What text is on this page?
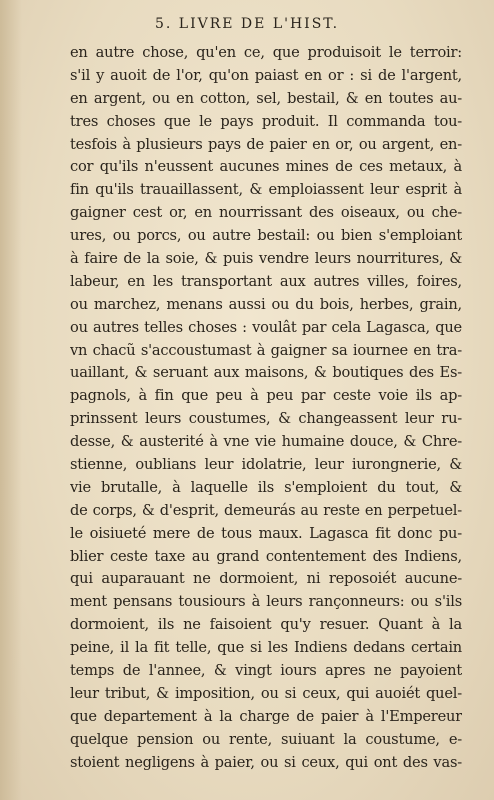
5. LIVRE DE L'HIST.
en autre chose, qu'en ce, que produisoit le terroir:
s'il y auoit de l'or, qu'on paiast en or : si de l'argent,
en argent, ou en cotton, sel, bestail, & en toutes au-
tres choses que le pays produit. Il commanda tou-
tesfois à plusieurs pays de paier en or, ou argent, en-
cor qu'ils n'eussent aucunes mines de ces metaux, à
fin qu'ils trauaillassent, & emploiassent leur esprit à
gaigner cest or, en nourrissant des oiseaux, ou che-
ures, ou porcs, ou autre bestail: ou bien s'emploiant
à faire de la soie, & puis vendre leurs nourritures, &
labeur, en les transportant aux autres villes, foires,
ou marchez, menans aussi ou du bois, herbes, grain,
ou autres telles choses : voulât par cela Lagasca, que
vn chacũ s'accoustumast à gaigner sa iournee en tra-
uaillant, & seruant aux maisons, & boutiques des Es-
pagnols, à fin que peu à peu par ceste voie ils ap-
prinssent leurs coustumes, & changeassent leur ru-
desse, & austerité à vne vie humaine douce, & Chre-
stienne, oublians leur idolatrie, leur iurongnerie, &
vie brutalle, à laquelle ils s'emploient du tout, &
de corps, & d'esprit, demeurás au reste en perpetuel-
le oisiueté mere de tous maux. Lagasca fit donc pu-
blier ceste taxe au grand contentement des Indiens,
qui auparauant ne dormoient, ni reposoiét aucune-
ment pensans tousiours à leurs rançonneurs: ou s'ils
dormoient, ils ne faisoient qu'y resuer. Quant à la
peine, il la fit telle, que si les Indiens dedans certain
temps de l'annee, & vingt iours apres ne payoient
leur tribut, & imposition, ou si ceux, qui auoiét quel-
que departement à la charge de paier à l'Empereur
quelque pension ou rente, suiuant la coustume, e-
stoient negligens à paier, ou si ceux, qui ont des vas-
